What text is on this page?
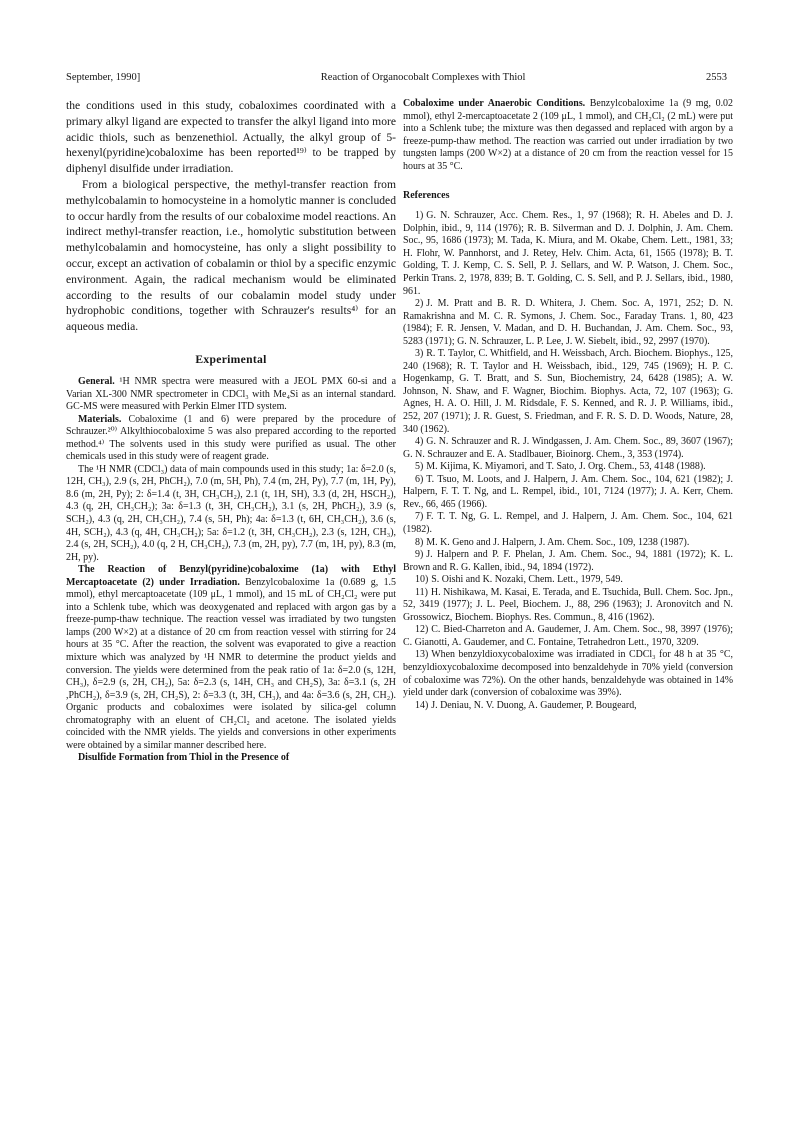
September, 1990]	Reaction of Organocobalt Complexes with Thiol	2553

the conditions used in this study, cobaloximes coordinated with a primary alkyl ligand are expected to transfer the alkyl ligand into more acidic thiols, such as benzenethiol. Actually, the alkyl group of 5-hexenyl(pyridine)cobaloxime has been reported¹⁹⁾ to be trapped by diphenyl disulfide under irradiation.

From a biological perspective, the methyl-transfer reaction from methylcobalamin to homocysteine in a homolytic manner is concluded to occur hardly from the results of our cobaloxime model reactions. An indirect methyl-transfer reaction, i.e., homolytic substitution between methylcobalamin and homocysteine, has only a slight possibility to occur, except an activation of cobalamin or thiol by a specific enzymic environment. Again, the radical mechanism would be eliminated according to the results of our cobalamin model study under hydrophobic conditions, together with Schrauzer's results⁴⁾ for an aqueous media.

Experimental

General. ¹H NMR spectra were measured with a JEOL PMX 60-si and a Varian XL-300 NMR spectrometer in CDCl₃ with Me₄Si as an internal standard. GC-MS were measured with Perkin Elmer ITD system.

Materials. Cobaloxime (1 and 6) were prepared by the procedure of Schrauzer.²⁰⁾ Alkylthiocobaloxime 5 was also prepared according to the reported method.⁴⁾ The solvents used in this study were purified as usual. The other chemicals used in this study were of reagent grade.

The ¹H NMR (CDCl₃) data of main compounds used in this study; 1a: δ=2.0 (s, 12H, CH₃), 2.9 (s, 2H, PhCH₂), 7.0 (m, 5H, Ph), 7.4 (m, 2H, Py), 7.7 (m, 1H, Py), 8.6 (m, 2H, Py); 2: δ=1.4 (t, 3H, CH₃CH₂), 2.1 (t, 1H, SH), 3.3 (d, 2H, HSCH₂), 4.3 (q, 2H, CH₃CH₂); 3a: δ=1.3 (t, 3H, CH₃CH₂), 3.1 (s, 2H, PhCH₂), 3.9 (s, SCH₂), 4.3 (q, 2H, CH₃CH₂), 7.4 (s, 5H, Ph); 4a: δ=1.3 (t, 6H, CH₃CH₂), 3.6 (s, 4H, SCH₂), 4.3 (q, 4H, CH₃CH₂); 5a: δ=1.2 (t, 3H, CH₃CH₂), 2.3 (s, 12H, CH₃), 2.4 (s, 2H, SCH₂), 4.0 (q, 2 H, CH₃CH₂), 7.3 (m, 2H, py), 7.7 (m, 1H, py), 8.3 (m, 2H, py).

The Reaction of Benzyl(pyridine)cobaloxime (1a) with Ethyl Mercaptoacetate (2) under Irradiation. Benzylcobaloxime 1a (0.689 g, 1.5 mmol), ethyl mercaptoacetate (109 μL, 1 mmol), and 15 mL of CH₂Cl₂ were put into a Schlenk tube, which was deoxygenated and replaced with argon gas by a freeze-pump-thaw technique. The reaction vessel was irradiated by two tungsten lamps (200 W×2) at a distance of 20 cm from reaction vessel with stirring for 24 hours at 35 °C. After the reaction, the solvent was evaporated to give a reaction mixture which was analyzed by ¹H NMR to determine the product yields and conversion. The yields were determined from the peak ratio of 1a: δ=2.0 (s, 12H, CH₃), δ=2.9 (s, 2H, CH₂), 5a: δ=2.3 (s, 14H, CH₃ and CH₂S), 3a: δ=3.1 (s, 2H ,PhCH₂), δ=3.9 (s, 2H, CH₂S), 2: δ=3.3 (t, 3H, CH₃), and 4a: δ=3.6 (s, 2H, CH₂). Organic products and cobaloximes were isolated by silica-gel column chromatography with an eluent of CH₂Cl₂ and acetone. The isolated yields coincided with the NMR yields. The yields and conversions in other experiments were obtained by a similar manner described here.

Disulfide Formation from Thiol in the Presence of

Cobaloxime under Anaerobic Conditions. Benzylcobaloxime 1a (9 mg, 0.02 mmol), ethyl 2-mercaptoacetate 2 (109 μL, 1 mmol), and CH₂Cl₂ (2 mL) were put into a Schlenk tube; the mixture was then degassed and replaced with argon by a freeze-pump-thaw method. The reaction was carried out under irradiation by two tungsten lamps (200 W×2) at a distance of 20 cm from the reaction vessel for 15 hours at 35 °C.

References

1) G. N. Schrauzer, Acc. Chem. Res., 1, 97 (1968); R. H. Abeles and D. J. Dolphin, ibid., 9, 114 (1976); R. B. Silverman and D. J. Dolphin, J. Am. Chem. Soc., 95, 1686 (1973); M. Tada, K. Miura, and M. Okabe, Chem. Lett., 1981, 33; H. Flohr, W. Pannhorst, and J. Retey, Helv. Chim. Acta, 61, 1565 (1978); B. T. Golding, T. J. Kemp, C. S. Sell, P. J. Sellars, and W. P. Watson, J. Chem. Soc., Perkin Trans. 2, 1978, 839; B. T. Golding, C. S. Sell, and P. J. Sellars, ibid., 1980, 961.

2) J. M. Pratt and B. R. D. Whitera, J. Chem. Soc. A, 1971, 252; D. N. Ramakrishna and M. C. R. Symons, J. Chem. Soc., Faraday Trans. 1, 80, 423 (1984); F. R. Jensen, V. Madan, and D. H. Buchandan, J. Am. Chem. Soc., 93, 5283 (1971); G. N. Schrauzer, L. P. Lee, J. W. Siebelt, ibid., 92, 2997 (1970).

3) R. T. Taylor, C. Whitfield, and H. Weissbach, Arch. Biochem. Biophys., 125, 240 (1968); R. T. Taylor and H. Weissbach, ibid., 129, 745 (1969); H. P. C. Hogenkamp, G. T. Bratt, and S. Sun, Biochemistry, 24, 6428 (1985); A. W. Johnson, N. Shaw, and F. Wagner, Biochim. Biophys. Acta, 72, 107 (1963); G. Agnes, H. A. O. Hill, J. M. Ridsdale, F. S. Kenned, and R. J. P. Williams, ibid., 252, 207 (1971); J. R. Guest, S. Friedman, and F. R. S. D. D. Woods, Nature, 28, 340 (1962).

4) G. N. Schrauzer and R. J. Windgassen, J. Am. Chem. Soc., 89, 3607 (1967); G. N. Schrauzer and E. A. Stadlbauer, Bioinorg. Chem., 3, 353 (1974).

5) M. Kijima, K. Miyamori, and T. Sato, J. Org. Chem., 53, 4148 (1988).

6) T. Tsuo, M. Loots, and J. Halpern, J. Am. Chem. Soc., 104, 621 (1982); J. Halpern, F. T. T. Ng, and L. Rempel, ibid., 101, 7124 (1977); J. A. Kerr, Chem. Rev., 66, 465 (1966).

7) F. T. T. Ng, G. L. Rempel, and J. Halpern, J. Am. Chem. Soc., 104, 621 (1982).

8) M. K. Geno and J. Halpern, J. Am. Chem. Soc., 109, 1238 (1987).

9) J. Halpern and P. F. Phelan, J. Am. Chem. Soc., 94, 1881 (1972); K. L. Brown and R. G. Kallen, ibid., 94, 1894 (1972).

10) S. Oishi and K. Nozaki, Chem. Lett., 1979, 549.

11) H. Nishikawa, M. Kasai, E. Terada, and E. Tsuchida, Bull. Chem. Soc. Jpn., 52, 3419 (1977); J. L. Peel, Biochem. J., 88, 296 (1963); J. Aronovitch and N. Grossowicz, Biochem. Biophys. Res. Commun., 8, 416 (1962).

12) C. Bied-Charreton and A. Gaudemer, J. Am. Chem. Soc., 98, 3997 (1976); C. Gianotti, A. Gaudemer, and C. Fontaine, Tetrahedron Lett., 1970, 3209.

13) When benzyldioxycobaloxime was irradiated in CDCl₃ for 48 h at 35 °C, benzyldioxycobaloxime decomposed into benzaldehyde in 70% yield (conversion of cobaloxime was 72%). On the other hands, benzaldehyde was obtained in 14% yield under dark (conversion of cobaloxime was 39%).

14) J. Deniau, N. V. Duong, A. Gaudemer, P. Bougeard,
